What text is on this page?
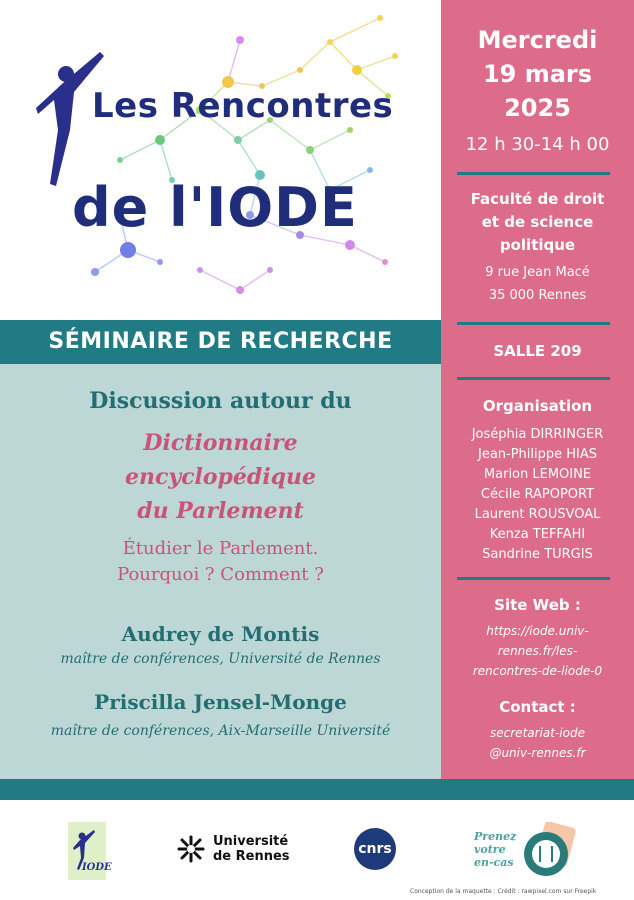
Les Rencontres
de l'IODE
SÉMINAIRE DE RECHERCHE
Discussion autour du
Dictionnaire
encyclopédique
du Parlement
Étudier le Parlement.
Pourquoi ? Comment ?
Audrey de Montis
maître de conférences, Université de Rennes
Priscilla Jensel-Monge
maître de conférences, Aix-Marseille Université
Mercredi
19 mars
2025
12 h 30-14 h 00
Faculté de droit
et de science
politique
9 rue Jean Macé
35 000 Rennes
SALLE 209
Organisation
Joséphia DIRRINGER
Jean-Philippe HIAS
Marion LEMOINE
Cécile RAPOPORT
Laurent ROUSVOAL
Kenza TEFFAHI
Sandrine TURGIS
Site Web :
https://iode.univ-
rennes.fr/les-
rencontres-de-liode-0
Contact :
secretariat-iode
@univ-rennes.fr
IODE
Université
de Rennes	cnrs
Prenez
votre
en-cas
Conception de la maquette : Crédit : rawpixel.com sur Freepik
